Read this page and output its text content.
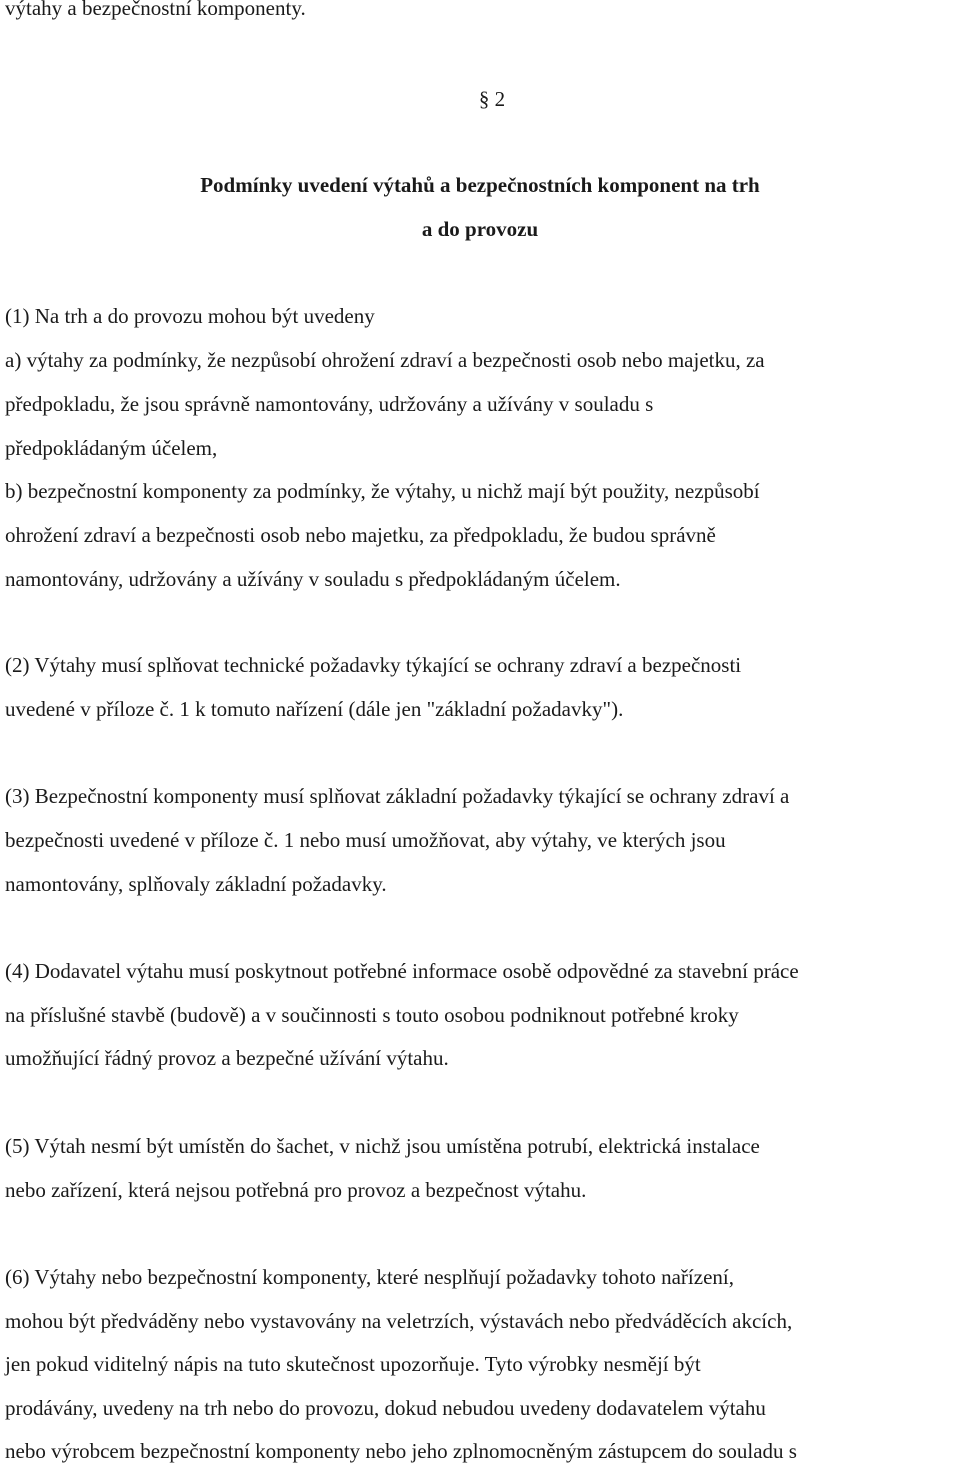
výtahy a bezpečnostní komponenty.
§ 2
Podmínky uvedení výtahů a bezpečnostních komponent na trh
a do provozu
(1) Na trh a do provozu mohou být uvedeny
a) výtahy za podmínky, že nezpůsobí ohrožení zdraví a bezpečnosti osob nebo majetku, za
předpokladu, že jsou správně namontovány, udržovány a užívány v souladu s
předpokládaným účelem,
b) bezpečnostní komponenty za podmínky, že výtahy, u nichž mají být použity, nezpůsobí
ohrožení zdraví a bezpečnosti osob nebo majetku, za předpokladu, že budou správně
namontovány, udržovány a užívány v souladu s předpokládaným účelem.
(2) Výtahy musí splňovat technické požadavky týkající se ochrany zdraví a bezpečnosti
uvedené v příloze č. 1 k tomuto nařízení (dále jen "základní požadavky").
(3) Bezpečnostní komponenty musí splňovat základní požadavky týkající se ochrany zdraví a
bezpečnosti uvedené v příloze č. 1 nebo musí umožňovat, aby výtahy, ve kterých jsou
namontovány, splňovaly základní požadavky.
(4) Dodavatel výtahu musí poskytnout potřebné informace osobě odpovědné za stavební práce
na příslušné stavbě (budově) a v součinnosti s touto osobou podniknout potřebné kroky
umožňující řádný provoz a bezpečné užívání výtahu.
(5) Výtah nesmí být umístěn do šachet, v nichž jsou umístěna potrubí, elektrická instalace
nebo zařízení, která nejsou potřebná pro provoz a bezpečnost výtahu.
(6) Výtahy nebo bezpečnostní komponenty, které nesplňují požadavky tohoto nařízení,
mohou být předváděny nebo vystavovány na veletrzích, výstavách nebo předváděcích akcích,
jen pokud viditelný nápis na tuto skutečnost upozorňuje. Tyto výrobky nesmějí být
prodávány, uvedeny na trh nebo do provozu, dokud nebudou uvedeny dodavatelem výtahu
nebo výrobcem bezpečnostní komponenty nebo jeho zplnomocněným zástupcem do souladu s
